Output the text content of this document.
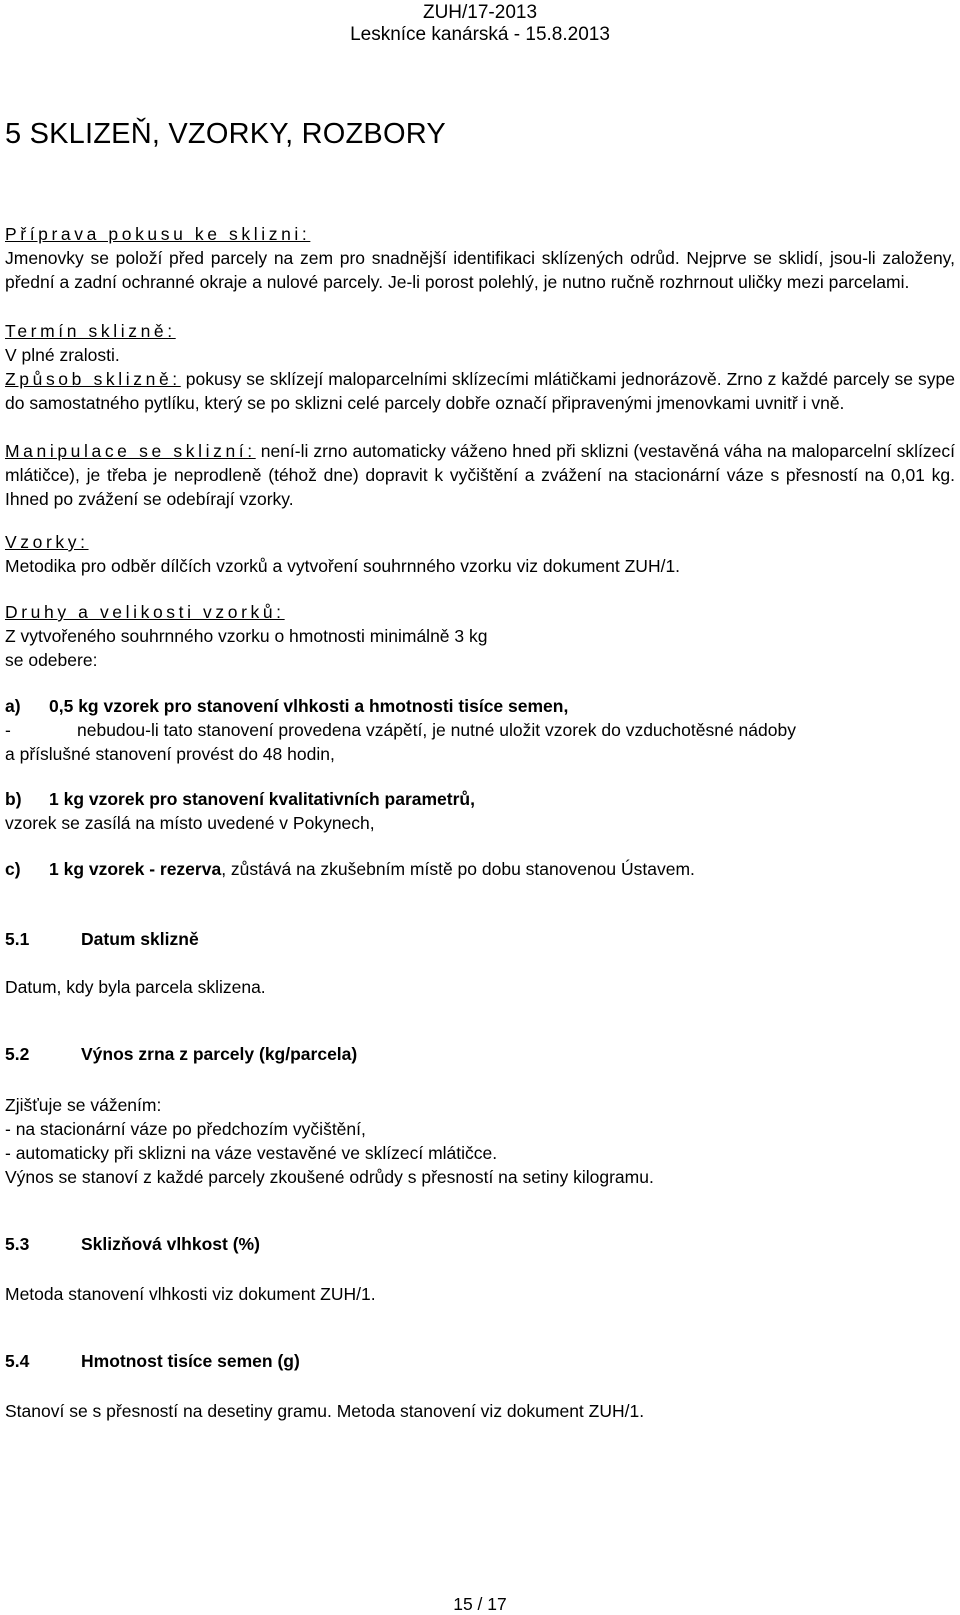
ZUH/17-2013
Leskníce kanárská - 15.8.2013
5 SKLIZEŇ, VZORKY, ROZBORY
Příprava pokusu ke sklizni:
Jmenovky se položí před parcely na zem pro snadnější identifikaci sklízených odrůd. Nejprve se sklidí, jsou-li založeny, přední a zadní ochranné okraje a nulové parcely. Je-li porost polehlý, je nutno ručně rozhrnout uličky mezi parcelami.
Termín sklizně:
V plné zralosti.
Způsob sklizně: pokusy se sklízejí maloparcelními sklízecími mlátičkami jednorázově. Zrno z každé parcely se sype do samostatného pytlíku, který se po sklizni celé parcely dobře označí připravenými jmenovkami uvnitř i vně.
Manipulace se sklizní: není-li zrno automaticky váženo hned při sklizni (vestavěná váha na maloparcelní sklízecí mlátičce), je třeba je neprodleně (téhož dne) dopravit k vyčištění a zvážení na stacionární váze s přesností na 0,01 kg. Ihned po zvážení se odebírají vzorky.
Vzorky:
Metodika pro odběr dílčích vzorků a vytvoření souhrnného vzorku viz dokument ZUH/1.
Druhy a velikosti vzorků:
Z vytvořeného souhrnného vzorku o hmotnosti minimálně 3 kg
se odebere:
a) 0,5 kg vzorek pro stanovení vlhkosti a hmotnosti tisíce semen,
-	nebudou-li tato stanovení provedena vzápětí, je nutné uložit vzorek do vzduchotěsné nádoby
a příslušné stanovení provést do 48 hodin,
b) 1 kg vzorek pro stanovení kvalitativních parametrů,
vzorek se zasílá na místo uvedené v Pokynech,
c) 1 kg vzorek - rezerva, zůstává na zkušebním místě po dobu stanovenou Ústavem.
5.1	Datum sklizně
Datum, kdy byla parcela sklizena.
5.2	Výnos zrna z parcely (kg/parcela)
Zjišťuje se vážením:
- na stacionární váze po předchozím vyčištění,
- automaticky při sklizni na váze vestavěné ve sklízecí mlátičce.
Výnos se stanoví z každé parcely zkoušené odrůdy s přesností na setiny kilogramu.
5.3	Sklizňová vlhkost (%)
Metoda stanovení vlhkosti viz dokument ZUH/1.
5.4	Hmotnost tisíce semen (g)
Stanoví se s přesností na desetiny gramu. Metoda stanovení viz dokument ZUH/1.
15 / 17
